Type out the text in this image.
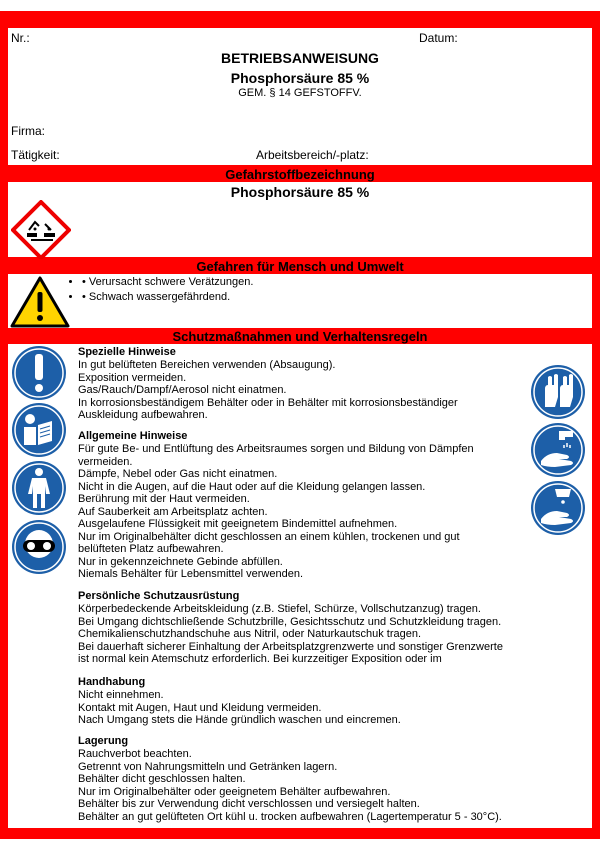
Nr.:	Datum:
BETRIEBSANWEISUNG
Phosphorsäure 85 %
GEM. § 14 GEFSTOFFV.
Firma:
Tätigkeit:	Arbeitsbereich/-platz:
Gefahrstoffbezeichnung
Phosphorsäure 85 %
Gefahren für Mensch und Umwelt
• • Verursacht schwere Verätzungen.
• • Schwach wassergefährdend.
Schutzmaßnahmen und Verhaltensregeln
Spezielle Hinweise
In gut belüfteten Bereichen verwenden (Absaugung).
Exposition vermeiden.
Gas/Rauch/Dampf/Aerosol nicht einatmen.
In korrosionsbeständigem Behälter oder in Behälter mit korrosionsbeständiger
Auskleidung aufbewahren.
Allgemeine Hinweise
Für gute Be- und Entlüftung des Arbeitsraumes sorgen und Bildung von Dämpfen
vermeiden.
Dämpfe, Nebel oder Gas nicht einatmen.
Nicht in die Augen, auf die Haut oder auf die Kleidung gelangen lassen.
Berührung mit der Haut vermeiden.
Auf Sauberkeit am Arbeitsplatz achten.
Ausgelaufene Flüssigkeit mit geeignetem Bindemittel aufnehmen.
Nur im Originalbehälter dicht geschlossen an einem kühlen, trockenen und gut
belüfteten Platz aufbewahren.
Nur in gekennzeichnete Gebinde abfüllen.
Niemals Behälter für Lebensmittel verwenden.
Persönliche Schutzausrüstung
Körperbedeckende Arbeitskleidung (z.B. Stiefel, Schürze, Vollschutzanzug) tragen.
Bei Umgang dichtschließende Schutzbrille, Gesichtsschutz und Schutzkleidung tragen.
Chemikalienschutzhandschuhe aus Nitril, oder Naturkautschuk tragen.
Bei dauerhaft sicherer Einhaltung der Arbeitsplatzgrenzwerte und sonstiger Grenzwerte
ist normal kein Atemschutz erforderlich. Bei kurzzeitiger Exposition oder im
Handhabung
Nicht einnehmen.
Kontakt mit Augen, Haut und Kleidung vermeiden.
Nach Umgang stets die Hände gründlich waschen und eincremen.
Lagerung
Rauchverbot beachten.
Getrennt von Nahrungsmitteln und Getränken lagern.
Behälter dicht geschlossen halten.
Nur im Originalbehälter oder geeignetem Behälter aufbewahren.
Behälter bis zur Verwendung dicht verschlossen und versiegelt halten.
Behälter an gut gelüfteten Ort kühl u. trocken aufbewahren (Lagertemperatur 5 - 30°C).
